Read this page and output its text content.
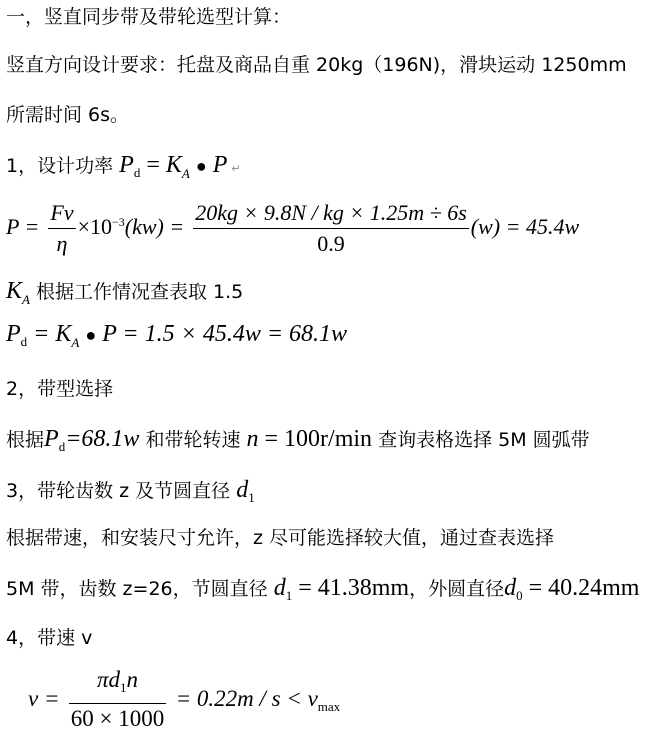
一，竖直同步带及带轮选型计算：
竖直方向设计要求：托盘及商品自重 20kg（196N)，滑块运动 1250mm
所需时间 6s。
1，设计功率 $P_d = K_A$ ● P ↵
$P = \frac{Fv}{\eta} \times 10^{-3}(kw) = \frac{20kg \times 9.8N / kg \times 1.25m \div 6s}{0.9} (w) = 45.4w$
$K_A$ 根据工作情况查表取 1.5
$P_d = K_A$ ● P = 1.5 × 45.4w = 68.1w
2，带型选择
根据$P_d=68.1w$ 和带轮转速 n = 100r/min 查询表格选择 5M 圆弧带
3，带轮齿数 z 及节圆直径 $d_1$
根据带速，和安装尺寸允许，z 尽可能选择较大值，通过查表选择
5M 带，齿数 z=26，节圆直径 $d_1 = 41.38mm$，外圆直径$d_0 = 40.24mm$
4，带速 v
$v = \frac{\pi d_1n}{60 \times 1000} = 0.22m / s < v_{max}$
